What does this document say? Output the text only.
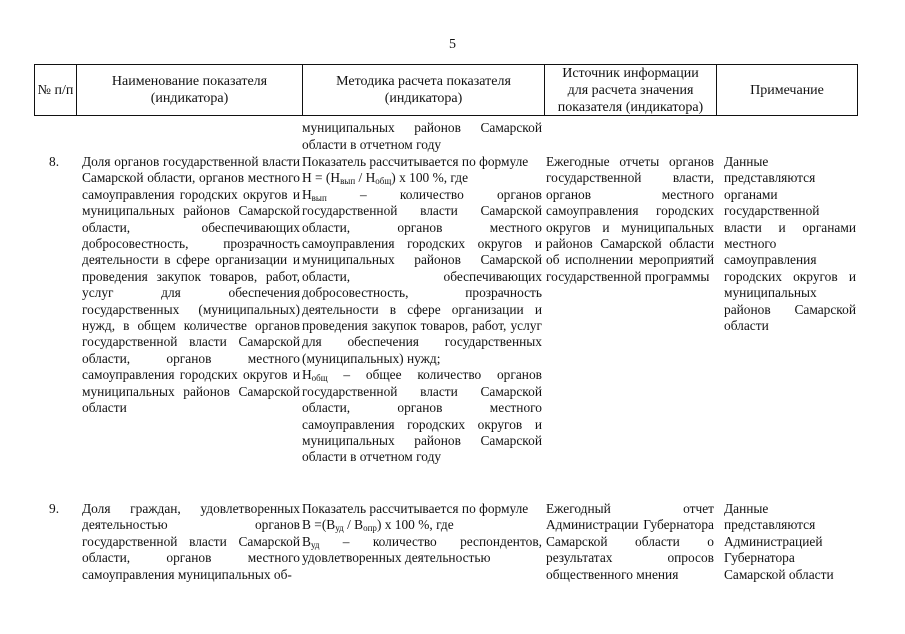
5
№ п/п
Наименование показателя (индикатора)
Методика расчета показателя (индикатора)
Источник информации для расчета значения показателя (индикатора)
Примечание
муниципальных районов Самарской области в отчетном году
8. Доля органов государственной власти Самарской области, органов местного самоуправления городских округов и муниципальных районов Самарской области, обеспечивающих добросовестность, прозрачность деятельности в сфере организации и проведения закупок товаров, работ, услуг для обеспечения государственных (муниципальных) нужд, в общем количестве органов государственной власти Самарской области, органов местного самоуправления городских округов и муниципальных районов Самарской области
Показатель рассчитывается по формуле
$Н = (Н_{вып} / Н_{общ})$ х 100 %, где
$Н_{вып}$ – количество органов государственной власти Самарской области, органов местного самоуправления городских округов и муниципальных районов Самарской области, обеспечивающих добросовестность, прозрачность деятельности в сфере организации и проведения закупок товаров, работ, услуг для обеспечения государственных (муниципальных) нужд;
$Н_{общ}$ – общее количество органов государственной власти Самарской области, органов местного самоуправления городских округов и муниципальных районов Самарской области в отчетном году
Ежегодные отчеты органов государственной власти, органов местного самоуправления городских округов и муниципальных районов Самарской области об исполнении мероприятий государственной программы
Данные представляются органами государственной власти и органами местного самоуправления городских округов и муниципальных районов Самарской области
9. Доля граждан, удовлетворенных деятельностью органов государственной власти Самарской области, органов местного самоуправления муниципальных об-
Показатель рассчитывается по формуле
$В =(В_{уд} / В_{опр})$ х 100 %, где
$В_{уд}$ – количество респондентов, удовлетворенных деятельностью
Ежегодный отчет Администрации Губернатора Самарской области о результатах опросов общественного мнения
Данные представляются Администрацией Губернатора Самарской области
